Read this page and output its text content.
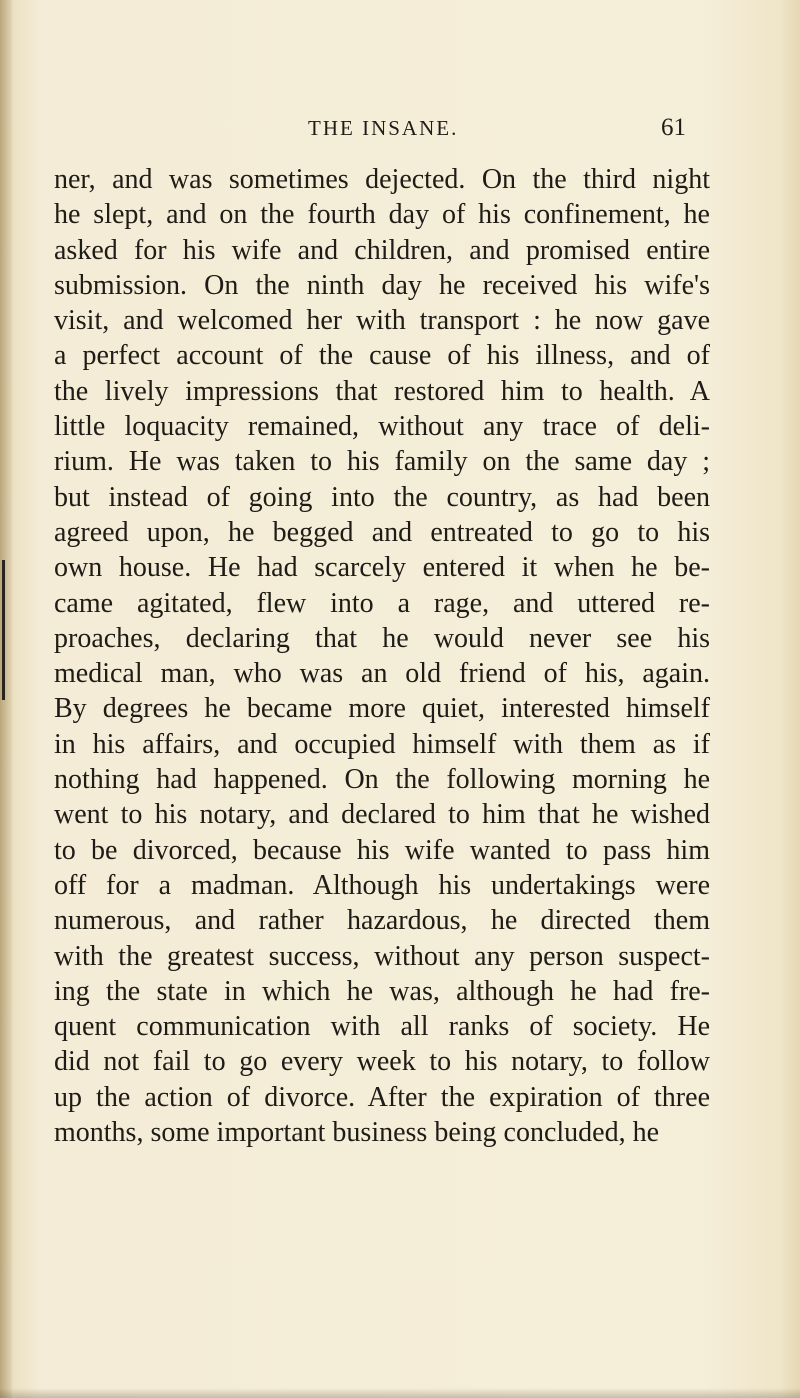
THE INSANE.	61
ner, and was sometimes dejected. On the third night
he slept, and on the fourth day of his confinement, he
asked for his wife and children, and promised entire
submission. On the ninth day he received his wife's
visit, and welcomed her with transport : he now gave
a perfect account of the cause of his illness, and of
the lively impressions that restored him to health. A
little loquacity remained, without any trace of deli-
rium. He was taken to his family on the same day ;
but instead of going into the country, as had been
agreed upon, he begged and entreated to go to his
own house. He had scarcely entered it when he be-
came agitated, flew into a rage, and uttered re-
proaches, declaring that he would never see his
medical man, who was an old friend of his, again.
By degrees he became more quiet, interested himself
in his affairs, and occupied himself with them as if
nothing had happened. On the following morning he
went to his notary, and declared to him that he wished
to be divorced, because his wife wanted to pass him
off for a madman. Although his undertakings were
numerous, and rather hazardous, he directed them
with the greatest success, without any person suspect-
ing the state in which he was, although he had fre-
quent communication with all ranks of society. He
did not fail to go every week to his notary, to follow
up the action of divorce. After the expiration of three
months, some important business being concluded, he
